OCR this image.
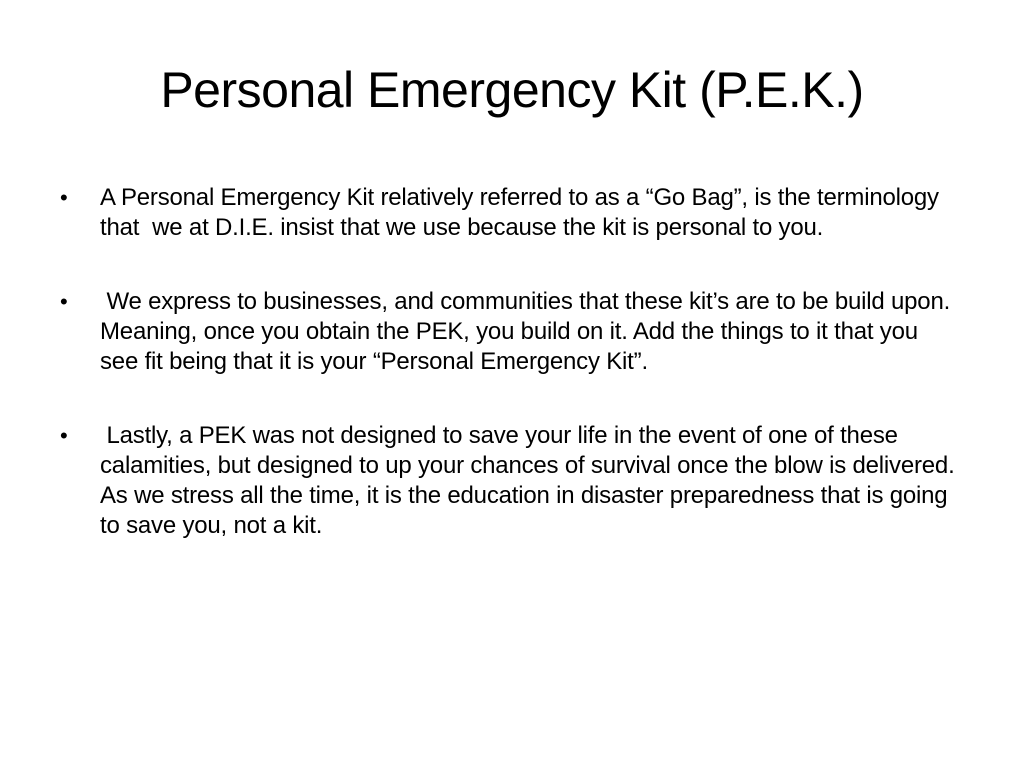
Personal Emergency Kit (P.E.K.)
•	A Personal Emergency Kit relatively referred to as a “Go Bag”, is the terminology that  we at D.I.E. insist that we use because the kit is personal to you.
•	We express to businesses, and communities that these kit’s are to be build upon. Meaning, once you obtain the PEK, you build on it. Add the things to it that you see fit being that it is your “Personal Emergency Kit”.
•	Lastly, a PEK was not designed to save your life in the event of one of these calamities, but designed to up your chances of survival once the blow is delivered. As we stress all the time, it is the education in disaster preparedness that is going to save you, not a kit.
